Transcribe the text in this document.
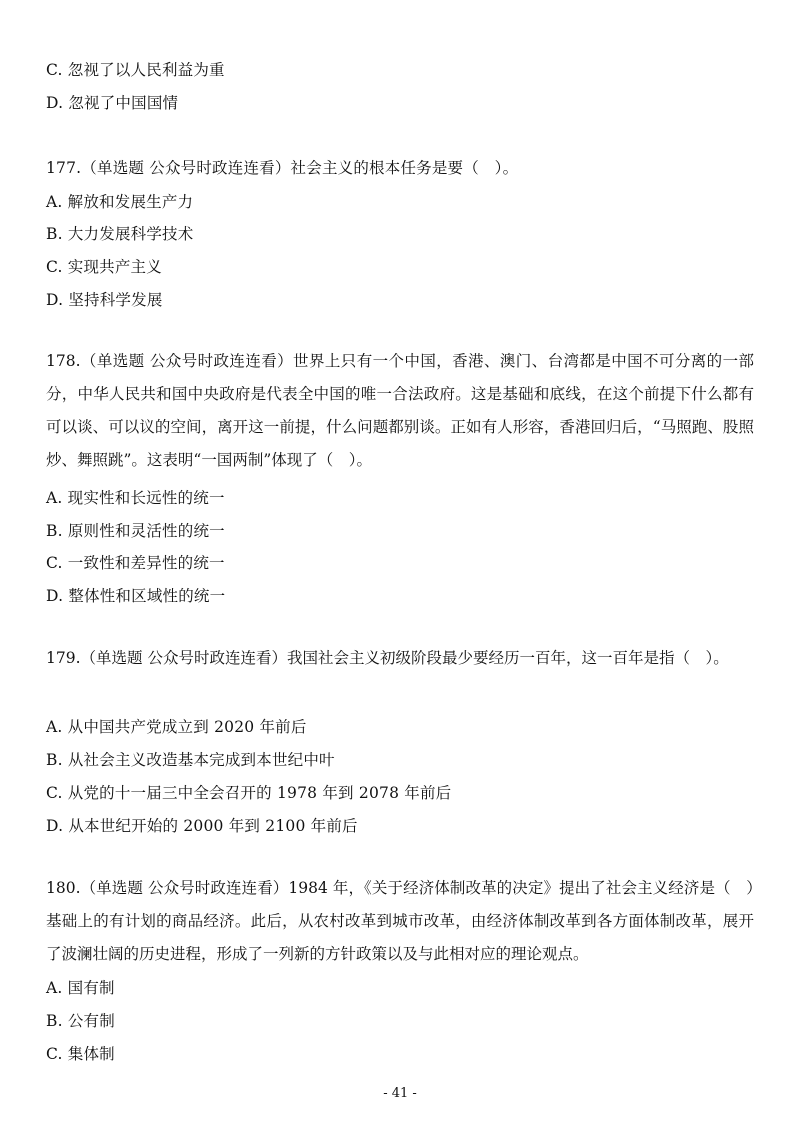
C. 忽视了以人民利益为重
D. 忽视了中国国情
177.（单选题 公众号时政连连看）社会主义的根本任务是要（　）。
A. 解放和发展生产力
B. 大力发展科学技术
C. 实现共产主义
D. 坚持科学发展
178.（单选题 公众号时政连连看）世界上只有一个中国，香港、澳门、台湾都是中国不可分离的一部分，中华人民共和国中央政府是代表全中国的唯一合法政府。这是基础和底线，在这个前提下什么都有可以谈、可以议的空间，离开这一前提，什么问题都别谈。正如有人形容，香港回归后，“马照跑、股照炒、舞照跳”。这表明“一国两制”体现了（　）。
A. 现实性和长远性的统一
B. 原则性和灵活性的统一
C. 一致性和差异性的统一
D. 整体性和区域性的统一
179.（单选题 公众号时政连连看）我国社会主义初级阶段最少要经历一百年，这一百年是指（　）。
A. 从中国共产党成立到 2020 年前后
B. 从社会主义改造基本完成到本世纪中叶
C. 从党的十一届三中全会召开的 1978 年到 2078 年前后
D. 从本世纪开始的 2000 年到 2100 年前后
180.（单选题 公众号时政连连看）1984 年，《关于经济体制改革的决定》提出了社会主义经济是（　）基础上的有计划的商品经济。此后，从农村改革到城市改革，由经济体制改革到各方面体制改革，展开了波澜壮阔的历史进程，形成了一列新的方针政策以及与此相对应的理论观点。
A. 国有制
B. 公有制
C. 集体制
- 41 -
